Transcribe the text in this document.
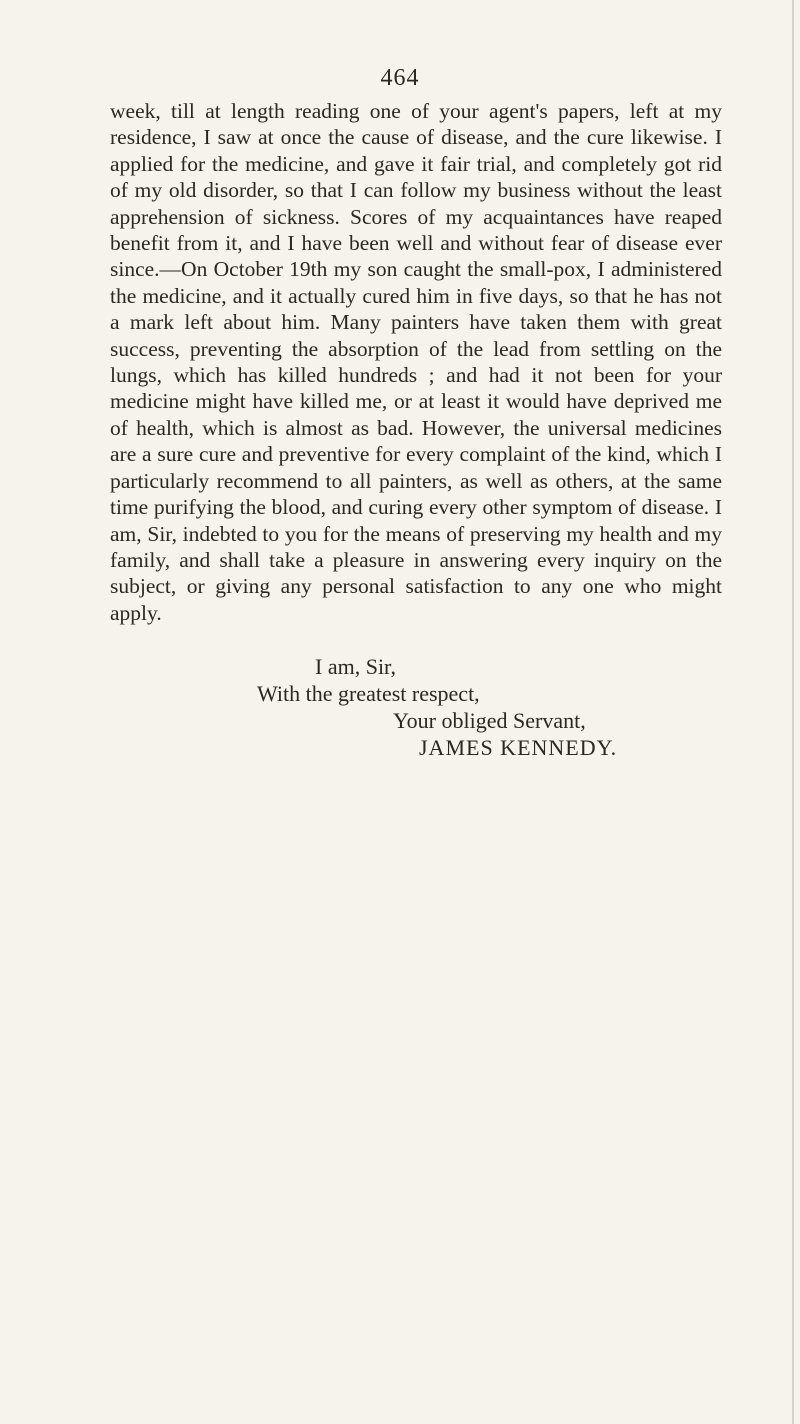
464

week, till at length reading one of your agent's papers, left at my residence, I saw at once the cause of disease, and the cure likewise. I applied for the medicine, and gave it fair trial, and completely got rid of my old disorder, so that I can follow my business without the least apprehension of sickness. Scores of my acquaintances have reaped benefit from it, and I have been well and without fear of disease ever since.—On October 19th my son caught the small-pox, I administered the medicine, and it actually cured him in five days, so that he has not a mark left about him. Many painters have taken them with great success, preventing the absorption of the lead from settling on the lungs, which has killed hundreds ; and had it not been for your medicine might have killed me, or at least it would have deprived me of health, which is almost as bad. However, the universal medicines are a sure cure and preventive for every complaint of the kind, which I particularly recommend to all painters, as well as others, at the same time purifying the blood, and curing every other symptom of disease. I am, Sir, indebted to you for the means of preserving my health and my family, and shall take a pleasure in answering every inquiry on the subject, or giving any personal satisfaction to any one who might apply.

I am, Sir,
With the greatest respect,
Your obliged Servant,
JAMES KENNEDY.
